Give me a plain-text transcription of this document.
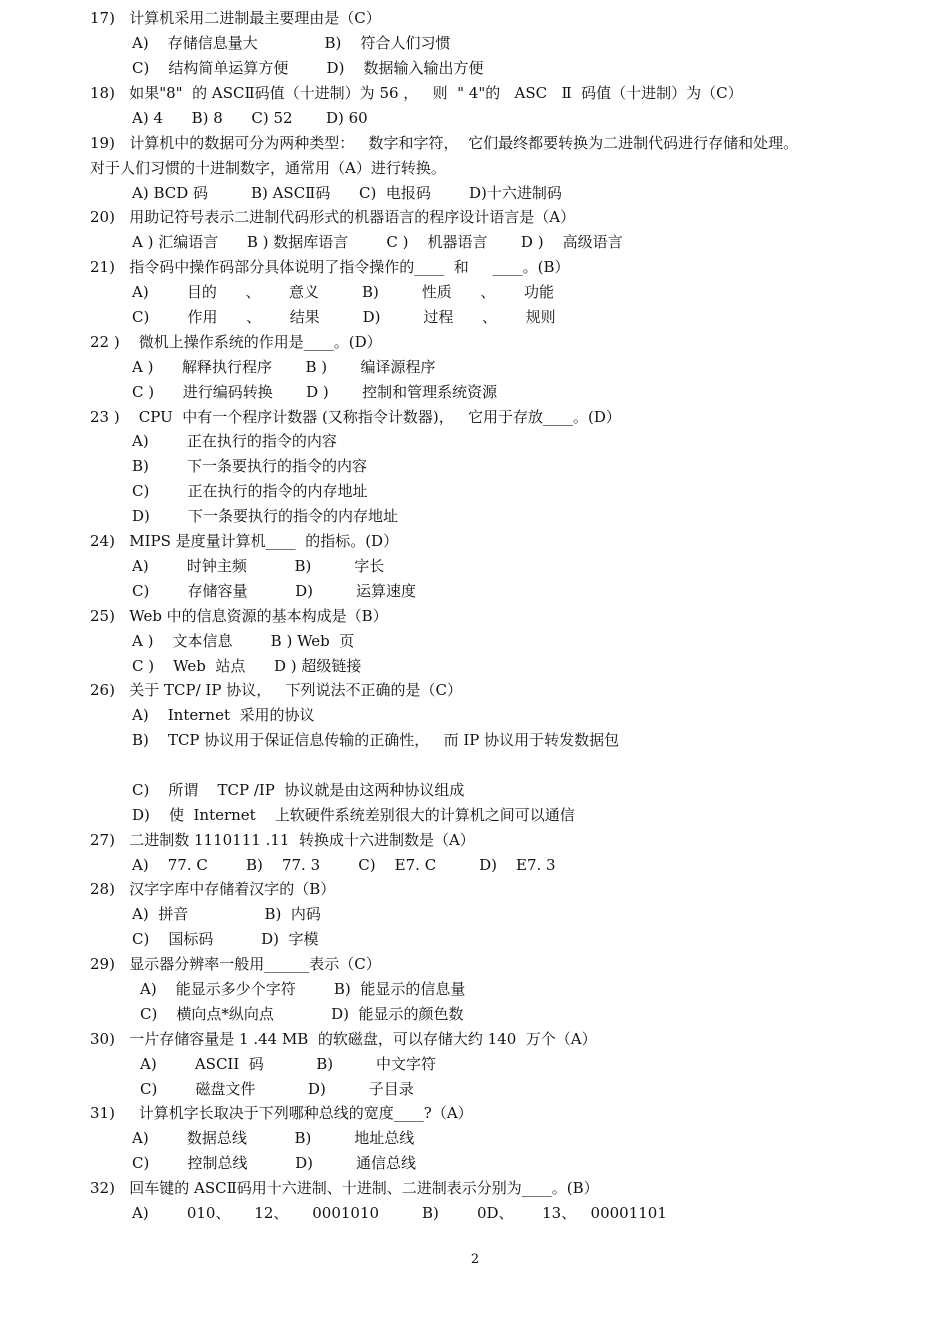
17)   计算机采用二进制最主要理由是（C）
A)    存储信息量大              B)    符合人们习惯
C)    结构简单运算方便        D)    数据输入输出方便
18)   如果"8"  的 ASCⅡ码值（十进制）为 56 ，   则  " 4"的   ASC   Ⅱ  码值（十进制）为（C）
A) 4      B) 8      C) 52       D) 60
19)   计算机中的数据可分为两种类型：   数字和字符，  它们最终都要转换为二进制代码进行存储和处理。
对于人们习惯的十进制数字，通常用（A）进行转换。
A) BCD 码         B) ASCⅡ码      C)  电报码        D)十六进制码
20)   用助记符号表示二进制代码形式的机器语言的程序设计语言是（A）
A ) 汇编语言      B ) 数据库语言        C )    机器语言       D )    高级语言
21)   指令码中操作码部分具体说明了指令操作的____  和     ____。(B）
A)        目的      、      意义         B)         性质      、      功能
C)        作用      、      结果         D)         过程      、      规则
22 )    微机上操作系统的作用是____。(D）
A )      解释执行程序       B )       编译源程序
C )      进行编码转换       D )       控制和管理系统资源
23 )    CPU  中有一个程序计数器 (又称指令计数器)，   它用于存放____。(D）
A)        正在执行的指令的内容
B)        下一条要执行的指令的内容
C)        正在执行的指令的内存地址
D)        下一条要执行的指令的内存地址
24)   MIPS 是度量计算机____  的指标。(D）
A)        时钟主频          B)         字长
C)        存储容量          D)         运算速度
25)   Web 中的信息资源的基本构成是（B）
A )    文本信息        B ) Web  页
C )    Web  站点      D ) 超级链接
26)   关于 TCP/ IP 协议，   下列说法不正确的是（C）
A)    Internet  采用的协议
B)    TCP 协议用于保证信息传输的正确性，   而 IP 协议用于转发数据包
C)    所谓    TCP /IP  协议就是由这两种协议组成
D)    使  Internet    上软硬件系统差别很大的计算机之间可以通信
27)   二进制数 1110111 .11  转换成十六进制数是（A）
A)    77. C        B)    77. 3        C)    E7. C         D)    E7. 3
28)   汉字字库中存储着汉字的（B）
A)  拼音                B)  内码
C)    国标码          D)  字模
29)   显示器分辨率一般用______表示（C）
A)    能显示多少个字符        B)  能显示的信息量
C)    横向点*纵向点            D)  能显示的颜色数
30)   一片存储容量是 1 .44 MB  的软磁盘，可以存储大约 140  万个（A）
A)        ASCII  码           B)         中文字符
C)        磁盘文件           D)         子目录
31)     计算机字长取决于下列哪种总线的宽度____?（A）
A)        数据总线          B)         地址总线
C)        控制总线          D)         通信总线
32)   回车键的 ASCⅡ码用十六进制、十进制、二进制表示分别为____。(B）
A)        010、     12、     0001010         B)        0D、      13、   00001101
2
